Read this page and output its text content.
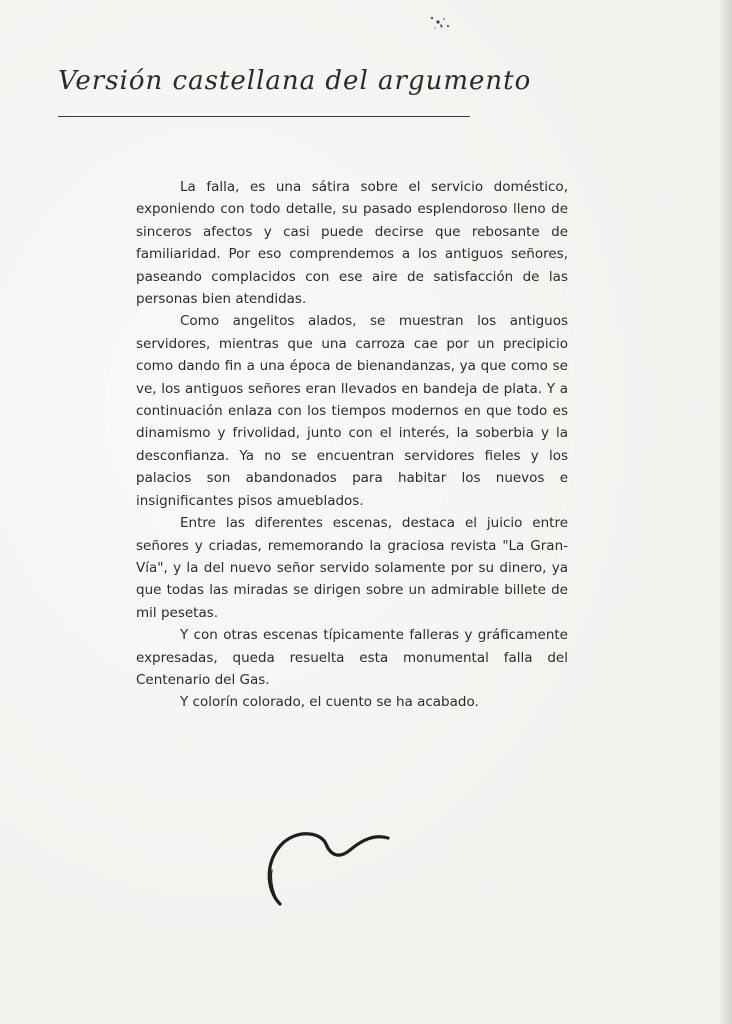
Versión castellana del argumento

La falla, es una sátira sobre el servicio doméstico, exponiendo con todo detalle, su pasado esplendoroso lleno de sinceros afectos y casi puede decirse que rebosante de familiaridad. Por eso comprendemos a los antiguos señores, paseando complacidos con ese aire de satisfacción de las personas bien atendidas.

Como angelitos alados, se muestran los antiguos servidores, mientras que una carroza cae por un precipicio como dando fin a una época de bienandanzas, ya que como se ve, los antiguos señores eran llevados en bandeja de plata. Y a continuación enlaza con los tiempos modernos en que todo es dinamismo y frivolidad, junto con el interés, la soberbia y la desconfianza. Ya no se encuentran servidores fieles y los palacios son abandonados para habitar los nuevos e insignificantes pisos amueblados.

Entre las diferentes escenas, destaca el juicio entre señores y criadas, rememorando la graciosa revista "La Gran-Vía", y la del nuevo señor servido solamente por su dinero, ya que todas las miradas se dirigen sobre un admirable billete de mil pesetas.

Y con otras escenas típicamente falleras y gráficamente expresadas, queda resuelta esta monumental falla del Centenario del Gas.

Y colorín colorado, el cuento se ha acabado.
